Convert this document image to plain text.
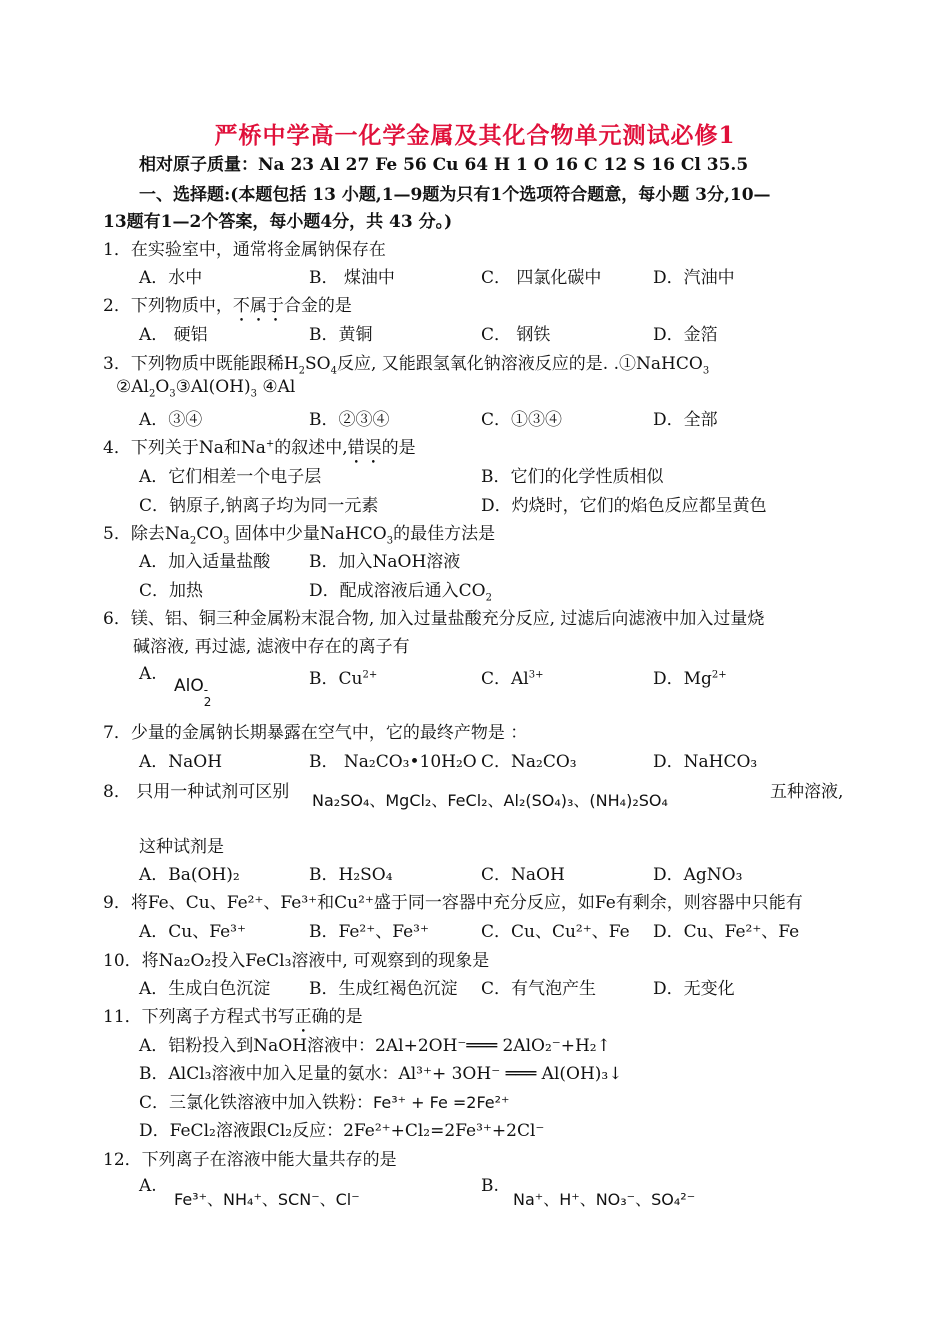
严桥中学高一化学金属及其化合物单元测试必修1
相对原子质量：Na 23 Al 27 Fe 56 Cu 64 H 1 O 16 C 12 S 16 Cl 35.5
一、选择题:(本题包括 13 小题,1—9题为只有1个选项符合题意，每小题 3分,10—
13题有1—2个答案，每小题4分，共 43 分。)
1．在实验室中，通常将金属钠保存在
A．水中	B． 煤油中	C． 四氯化碳中	D．汽油中
2．下列物质中，不属于合金的是
A． 硬铝	B．黄铜	C． 钢铁	D．金箔
3．下列物质中既能跟稀$H_2SO_4$反应, 又能跟氢氧化钠溶液反应的是. .①NaHCO$_3$
$②Al_2O_3③Al(OH)_3$ ④Al
A．③④	B．②③④	C．①③④	D．全部
4．下列关于Na和Na+的叙述中,错误的是
A．它们相差一个电子层	B．它们的化学性质相似
C．钠原子,钠离子均为同一元素	D．灼烧时，它们的焰色反应都呈黄色
5．除去$Na_2CO_3$ 固体中少量NaHCO$_3$的最佳方法是
A．加入适量盐酸 B．加入NaOH溶液
C．加热	D．配成溶液后通入$CO_2$
6．镁、铝、铜三种金属粉末混合物, 加入过量盐酸充分反应, 过滤后向滤液中加入过量烧
碱溶液, 再过滤, 滤液中存在的离子有
A.
AlO -
2
B．$Cu^{2+}$	C．$Al^{3+}$	D．$Mg^{2+}$
7．少量的金属钠长期暴露在空气中，它的最终产物是 ：
A．NaOH	B． Na₂CO₃•10H₂O C．Na₂CO₃	D．NaHCO₃
8． 只用一种试剂可区别 Na₂SO₄、MgCl₂、FeCl₂、Al₂(SO₄)₃、(NH₄)₂SO₄	五种溶液,
这种试剂是
A．Ba(OH)₂	B．H₂SO₄	C．NaOH	D．AgNO₃
9．将Fe、Cu、Fe²⁺、Fe³⁺和Cu²⁺盛于同一容器中充分反应，如Fe有剩余，则容器中只能有
A．Cu、Fe³⁺	B．Fe²⁺、Fe³⁺	C．Cu、Cu²⁺、Fe D．Cu、Fe²⁺、Fe
10．将Na₂O₂投入FeCl₃溶液中, 可观察到的现象是
A．生成白色沉淀 B．生成红褐色沉淀 C．有气泡产生	D．无变化
11．下列离子方程式书写正确的是
A．铝粉投入到NaOH溶液中：2Al+2OH⁻═══ 2AlO₂⁻+H₂↑
B．AlCl₃溶液中加入足量的氨水：Al³⁺+ 3OH⁻ ═══ Al(OH)₃↓
C．三氯化铁溶液中加入铁粉：Fe³⁺ + Fe =2Fe²⁺
D．FeCl₂溶液跟Cl₂反应：2Fe²⁺+Cl₂=2Fe³⁺+2Cl⁻
12．下列离子在溶液中能大量共存的是
A.
Fe³⁺、NH₄⁺、SCN⁻、Cl⁻
B.
Na⁺、H⁺、NO₃⁻、SO₄²⁻
